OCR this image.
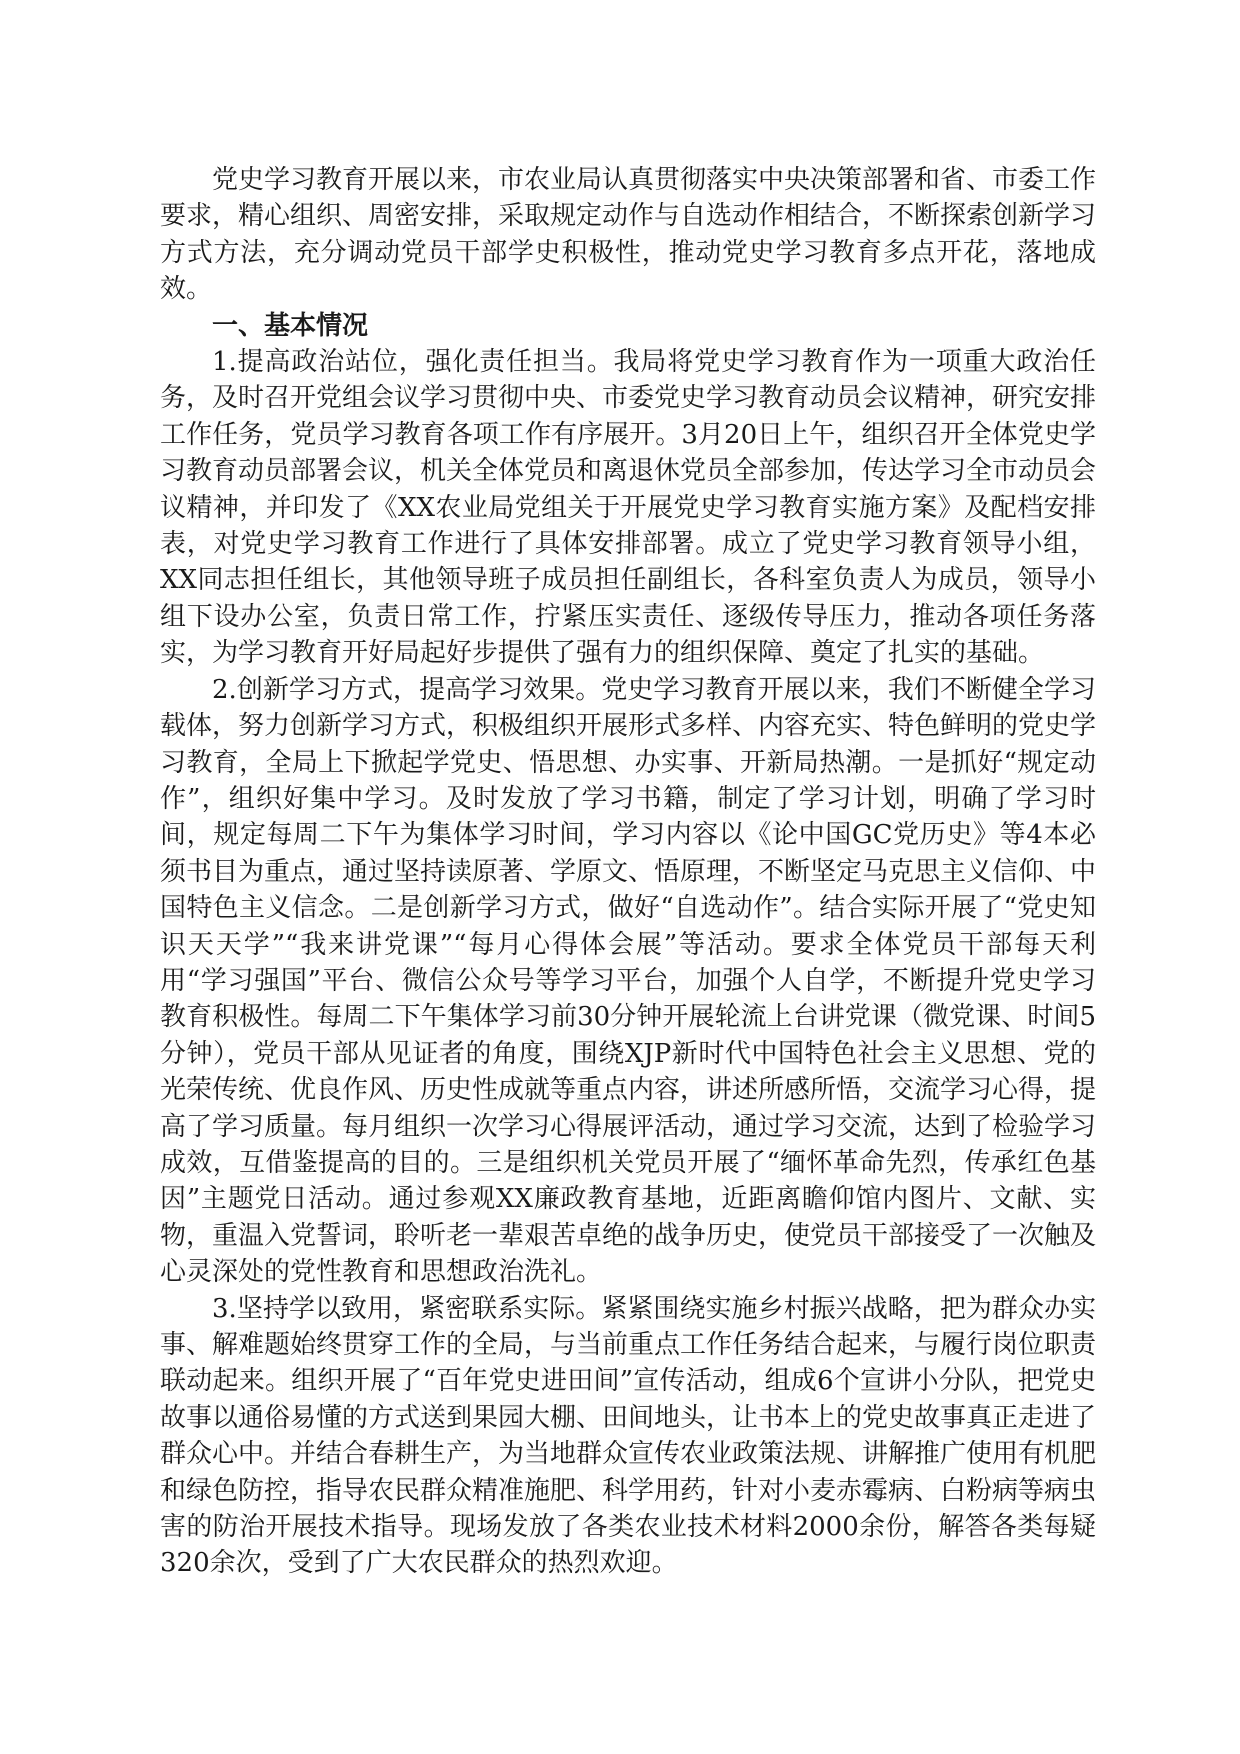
党史学习教育开展以来，市农业局认真贯彻落实中央决策部署和省、市委工作要求，精心组织、周密安排，采取规定动作与自选动作相结合，不断探索创新学习方式方法，充分调动党员干部学史积极性，推动党史学习教育多点开花，落地成效。

一、基本情况

1.提高政治站位，强化责任担当。我局将党史学习教育作为一项重大政治任务，及时召开党组会议学习贯彻中央、市委党史学习教育动员会议精神，研究安排工作任务，党员学习教育各项工作有序展开。3月20日上午，组织召开全体党史学习教育动员部署会议，机关全体党员和离退休党员全部参加，传达学习全市动员会议精神，并印发了《XX农业局党组关于开展党史学习教育实施方案》及配档安排表，对党史学习教育工作进行了具体安排部署。成立了党史学习教育领导小组，XX同志担任组长，其他领导班子成员担任副组长，各科室负责人为成员，领导小组下设办公室，负责日常工作，拧紧压实责任、逐级传导压力，推动各项任务落实，为学习教育开好局起好步提供了强有力的组织保障、奠定了扎实的基础。

2.创新学习方式，提高学习效果。党史学习教育开展以来，我们不断健全学习载体，努力创新学习方式，积极组织开展形式多样、内容充实、特色鲜明的党史学习教育，全局上下掀起学党史、悟思想、办实事、开新局热潮。一是抓好“规定动作”，组织好集中学习。及时发放了学习书籍，制定了学习计划，明确了学习时间，规定每周二下午为集体学习时间，学习内容以《论中国GC党历史》等4本必须书目为重点，通过坚持读原著、学原文、悟原理，不断坚定马克思主义信仰、中国特色主义信念。二是创新学习方式，做好“自选动作”。结合实际开展了“党史知识天天学”“我来讲党课”“每月心得体会展”等活动。要求全体党员干部每天利用“学习强国”平台、微信公众号等学习平台，加强个人自学，不断提升党史学习教育积极性。每周二下午集体学习前30分钟开展轮流上台讲党课（微党课、时间5分钟），党员干部从见证者的角度，围绕XJP新时代中国特色社会主义思想、党的光荣传统、优良作风、历史性成就等重点内容，讲述所感所悟，交流学习心得，提高了学习质量。每月组织一次学习心得展评活动，通过学习交流，达到了检验学习成效，互借鉴提高的目的。三是组织机关党员开展了“缅怀革命先烈，传承红色基因”主题党日活动。通过参观XX廉政教育基地，近距离瞻仰馆内图片、文献、实物，重温入党誓词，聆听老一辈艰苦卓绝的战争历史，使党员干部接受了一次触及心灵深处的党性教育和思想政治洗礼。

3.坚持学以致用，紧密联系实际。紧紧围绕实施乡村振兴战略，把为群众办实事、解难题始终贯穿工作的全局，与当前重点工作任务结合起来，与履行岗位职责联动起来。组织开展了“百年党史进田间”宣传活动，组成6个宣讲小分队，把党史故事以通俗易懂的方式送到果园大棚、田间地头，让书本上的党史故事真正走进了群众心中。并结合春耕生产，为当地群众宣传农业政策法规、讲解推广使用有机肥和绿色防控，指导农民群众精准施肥、科学用药，针对小麦赤霉病、白粉病等病虫害的防治开展技术指导。现场发放了各类农业技术材料2000余份，解答各类每疑320余次，受到了广大农民群众的热烈欢迎。
